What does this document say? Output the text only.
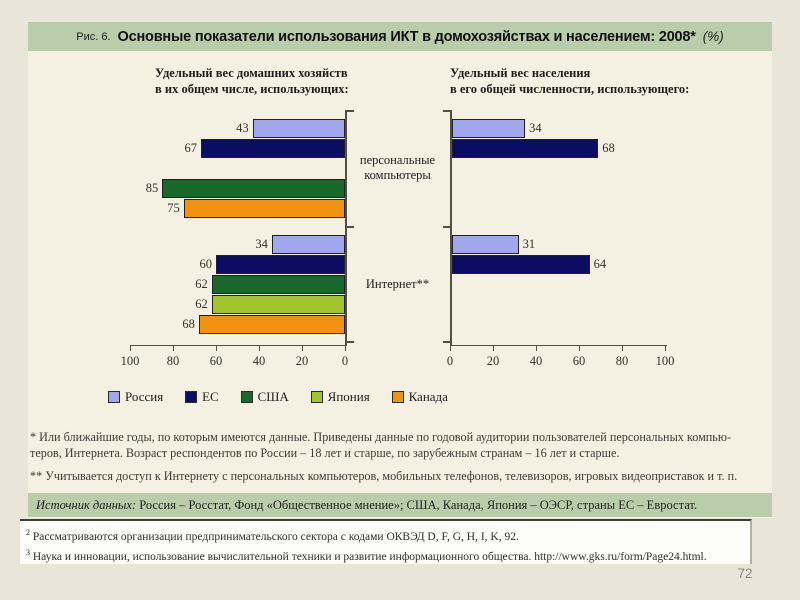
Рис. 6. Основные показатели использования ИКТ в домохозяйствах и населением: 2008* (%)
Удельный вес домашних хозяйств
в их общем числе, использующих:
Удельный вес населения
в его общей численности, использующего:
43
67
85
75
34
60
62
62
68
34
68
31
64
персональные компьютеры
Интернет**
100	80	60	40	20	0	0	20	40	60	80	100
Россия	ЕС	США	Япония	Канада
* Или ближайшие годы, по которым имеются данные. Приведены данные по годовой аудитории пользователей персональных компью-
теров, Интернета. Возраст респондентов по России – 18 лет и старше, по зарубежным странам – 16 лет и старше.
** Учитывается доступ к Интернету с персональных компьютеров, мобильных телефонов, телевизоров, игровых видеоприставок и т. п.
Источник данных: Россия – Росстат, Фонд «Общественное мнение»; США, Канада, Япония – ОЭСР, страны ЕС – Евростат.
$^2$ Рассматриваются организации предпринимательского сектора с кодами ОКВЭД D, F, G, H, I, K, 92.
$^3$ Наука и инновации, использование вычислительной техники и развитие информационного общества. http://www.gks.ru/form/Page24.html.
72
